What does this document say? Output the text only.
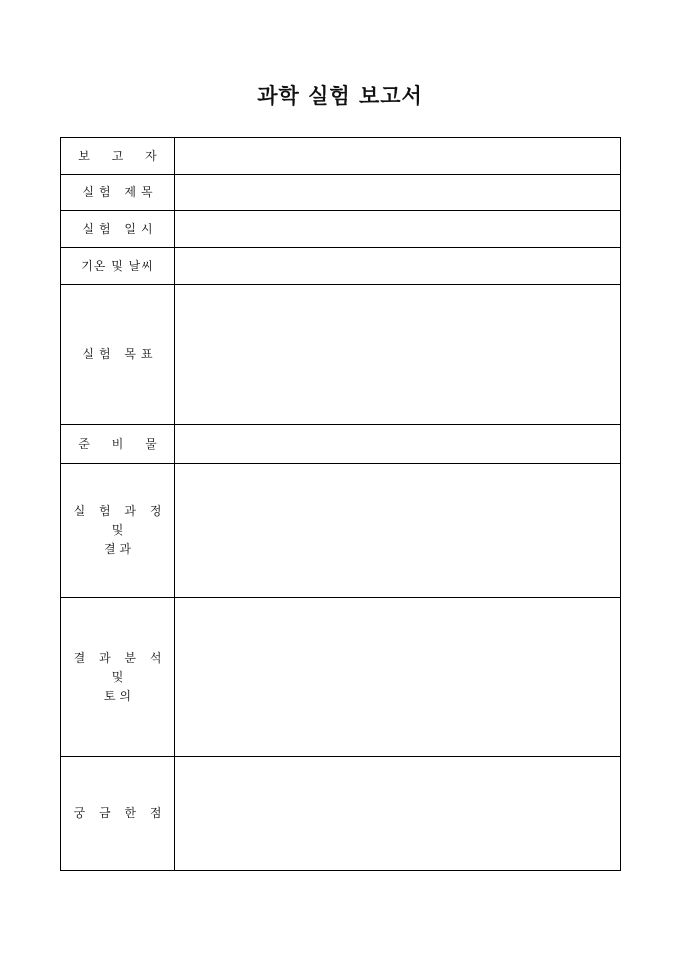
과학 실험 보고서
보 고 자	
실험 제목	
실험 일시	
기온 및 날씨	
실험 목표	
준 비 물	

실 험 과 정
및
결 과	

결 과 분 석
및
토 의	

궁 금 한 점	
